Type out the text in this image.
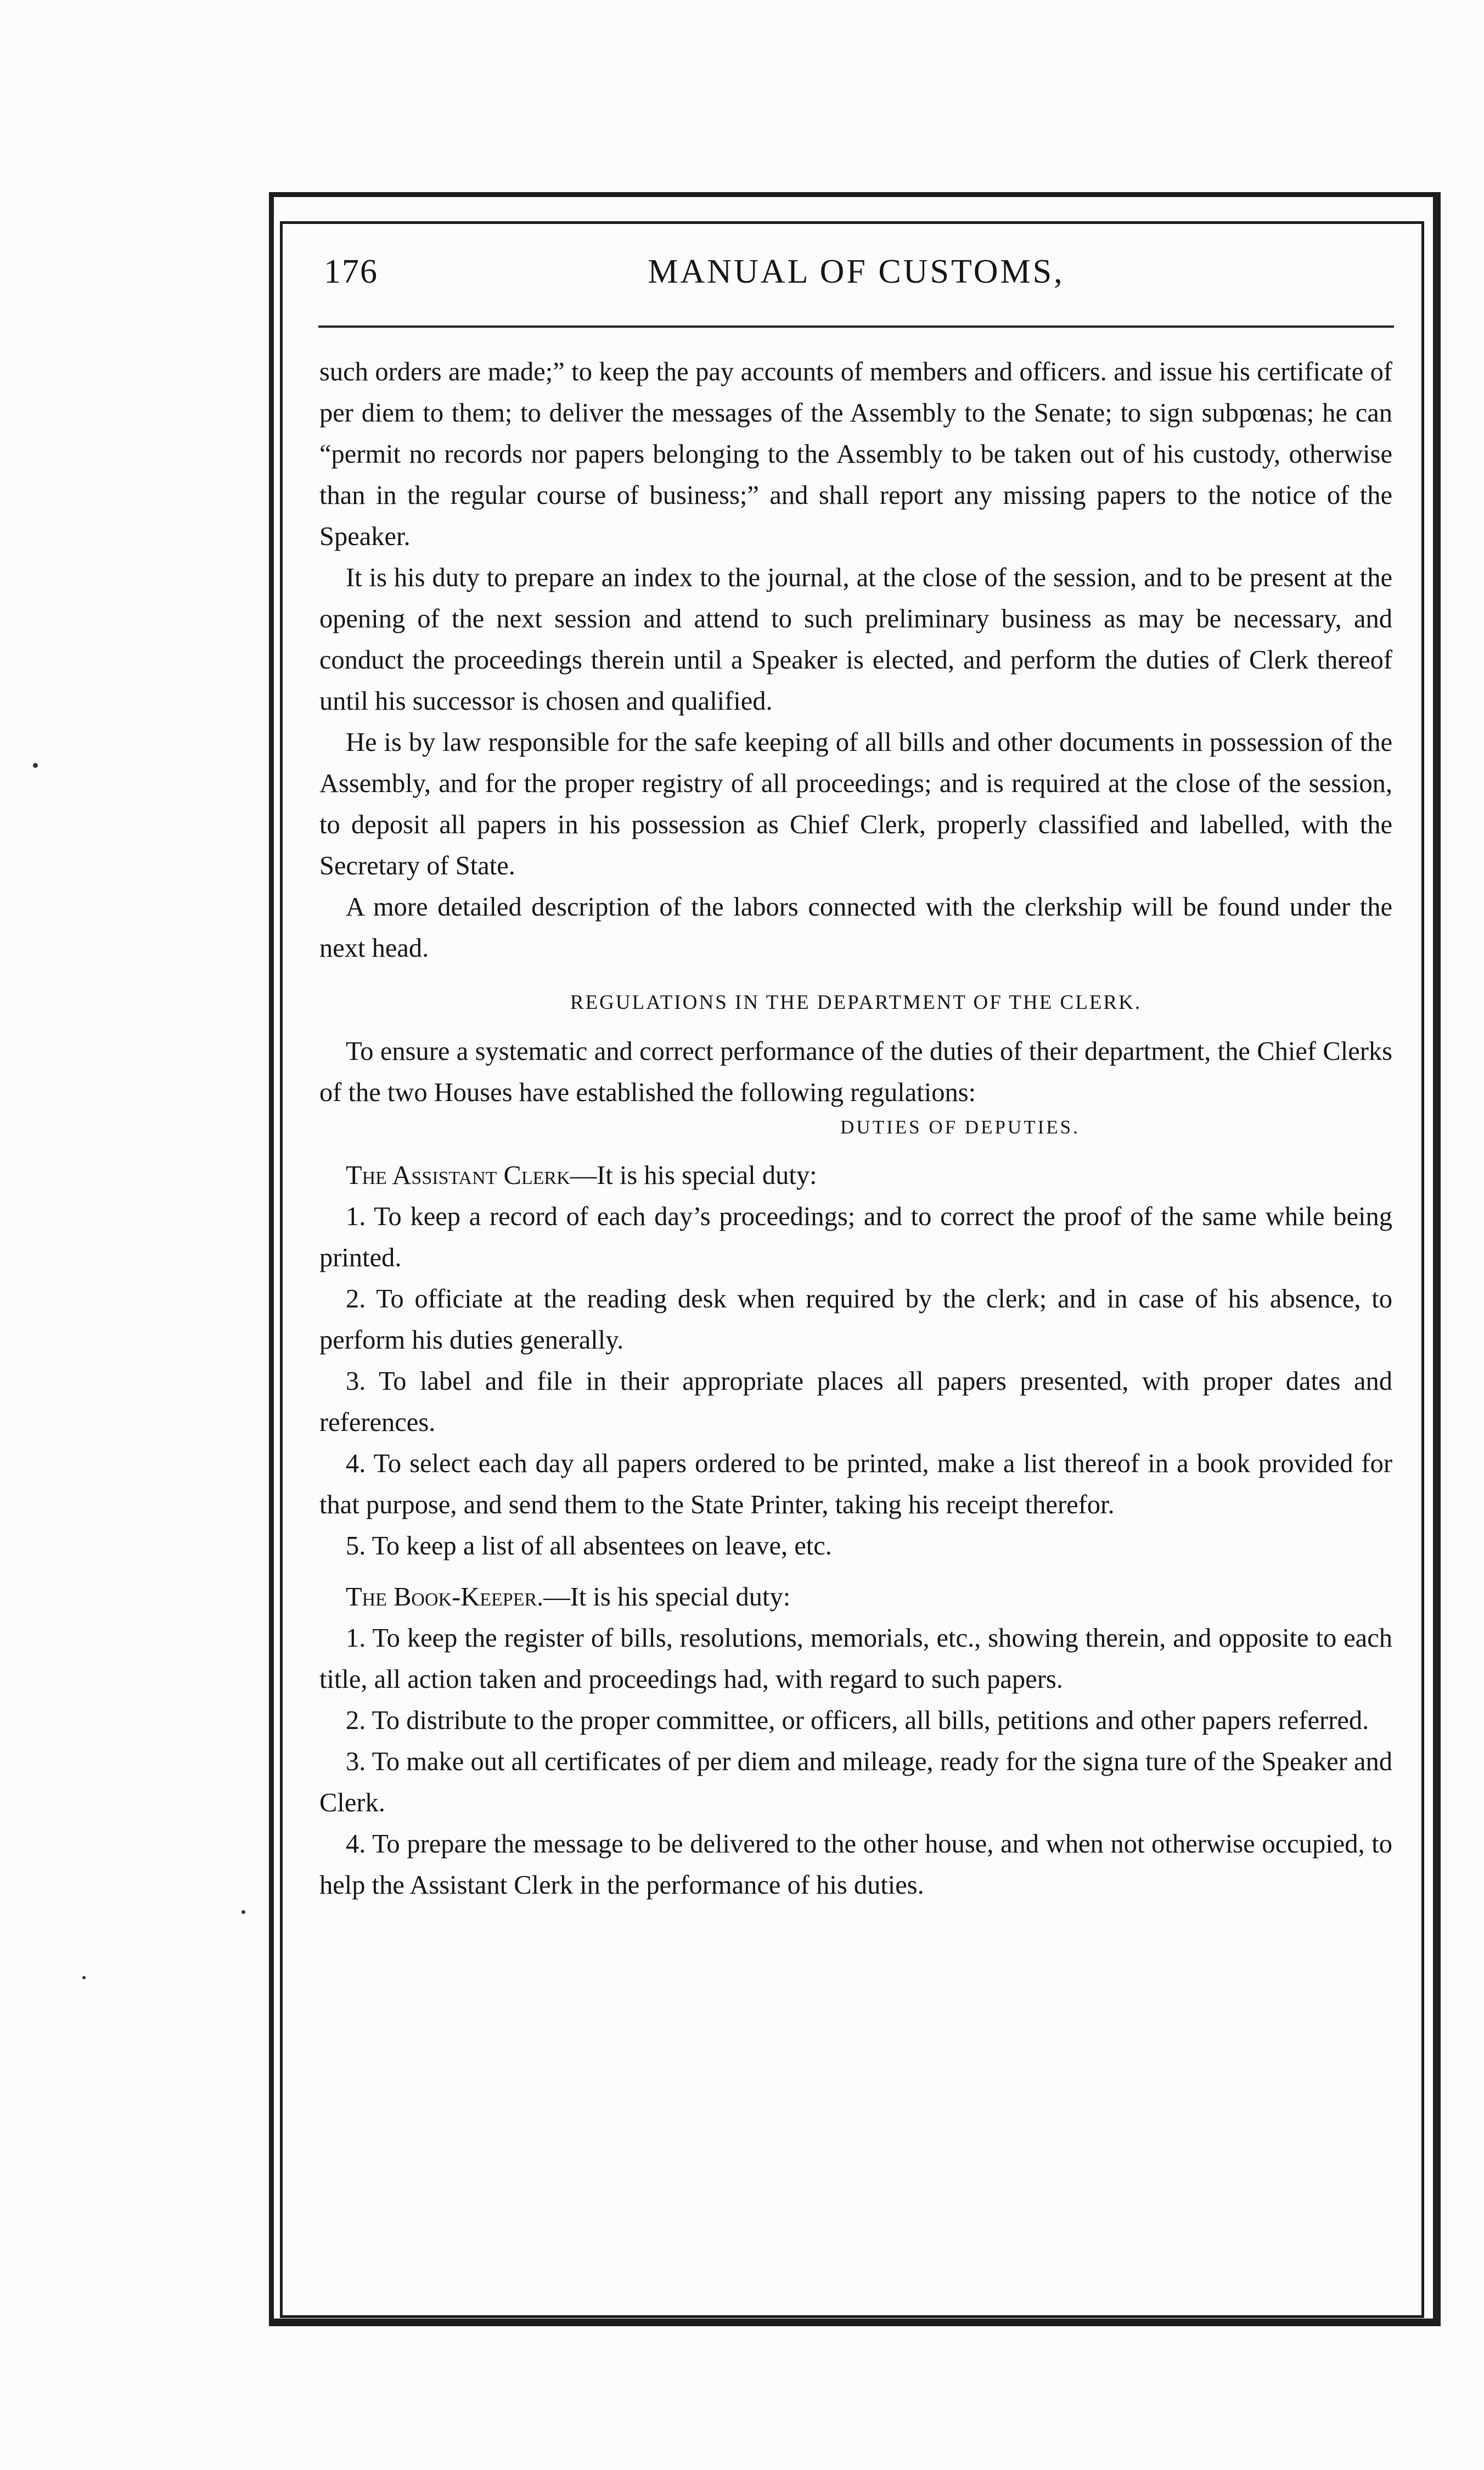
176	MANUAL OF CUSTOMS,

such orders are made;” to keep the pay accounts of members and officers. and issue his certificate of per diem to them; to deliver the messages of the Assembly to the Senate; to sign subpœnas; he can “permit no records nor papers belonging to the Assembly to be taken out of his custody, otherwise than in the regular course of business;” and shall report any missing papers to the notice of the Speaker.

It is his duty to prepare an index to the journal, at the close of the session, and to be present at the opening of the next session and attend to such preliminary business as may be necessary, and conduct the proceedings therein until a Speaker is elected, and perform the duties of Clerk thereof until his successor is chosen and qualified.

He is by law responsible for the safe keeping of all bills and other documents in possession of the Assembly, and for the proper registry of all proceedings; and is required at the close of the session, to deposit all papers in his possession as Chief Clerk, properly classified and labelled, with the Secretary of State.

A more detailed description of the labors connected with the clerkship will be found under the next head.

REGULATIONS IN THE DEPARTMENT OF THE CLERK.

To ensure a systematic and correct performance of the duties of their department, the Chief Clerks of the two Houses have established the following regulations:

DUTIES OF DEPUTIES.

The Assistant Clerk—It is his special duty:

1. To keep a record of each day’s proceedings; and to correct the proof of the same while being printed.

2. To officiate at the reading desk when required by the clerk; and in case of his absence, to perform his duties generally.

3. To label and file in their appropriate places all papers presented, with proper dates and references.

4. To select each day all papers ordered to be printed, make a list thereof in a book provided for that purpose, and send them to the State Printer, taking his receipt therefor.

5. To keep a list of all absentees on leave, etc.

The Book-Keeper.—It is his special duty:

1. To keep the register of bills, resolutions, memorials, etc., showing therein, and opposite to each title, all action taken and proceedings had, with regard to such papers.

2. To distribute to the proper committee, or officers, all bills, petitions and other papers referred.

3. To make out all certificates of per diem and mileage, ready for the signa ture of the Speaker and Clerk.

4. To prepare the message to be delivered to the other house, and when not otherwise occupied, to help the Assistant Clerk in the performance of his duties.
